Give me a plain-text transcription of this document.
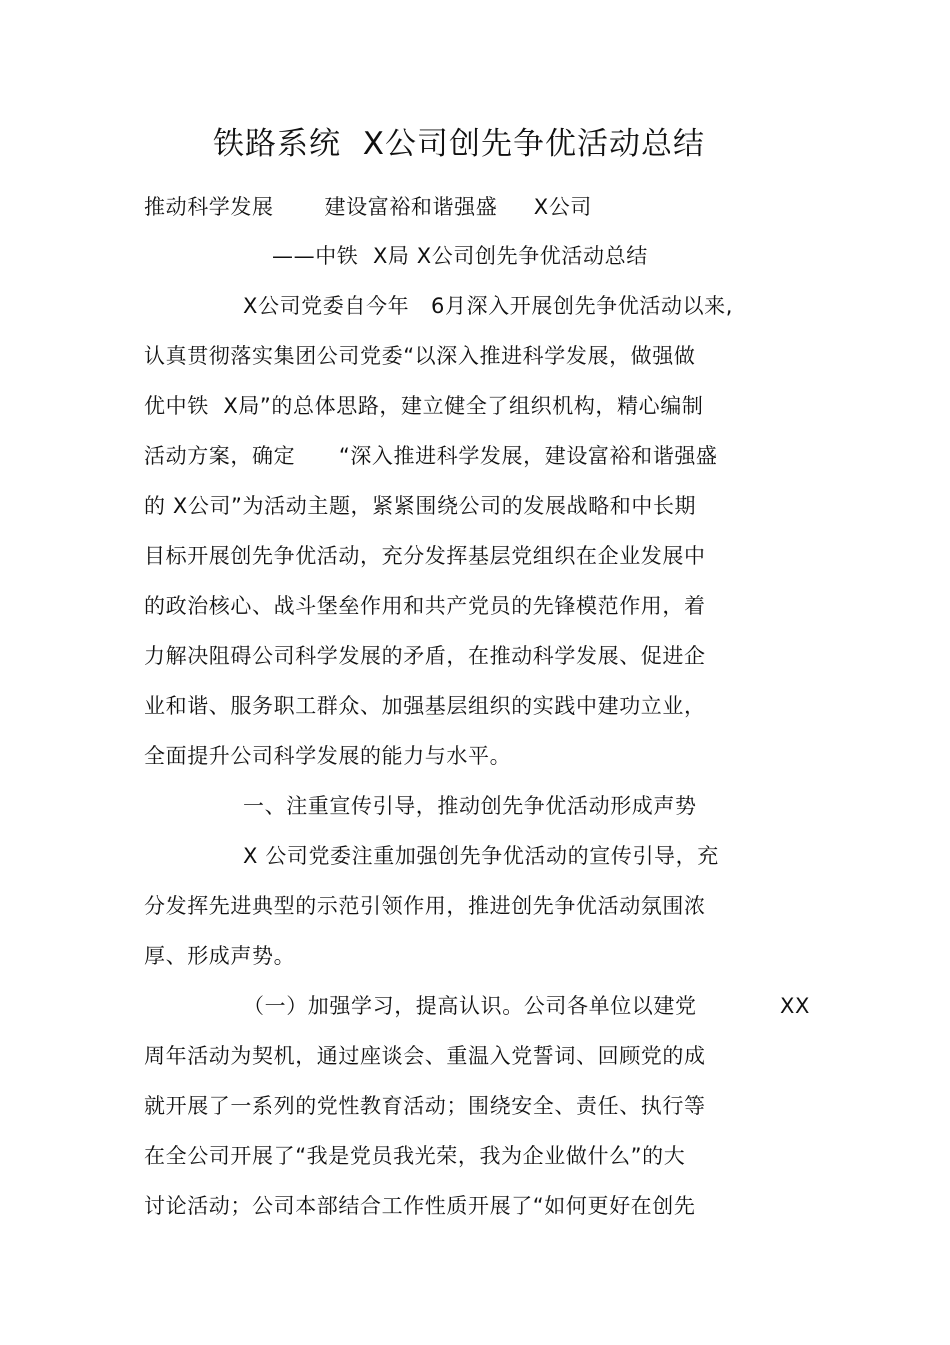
铁路系统  X公司创先争优活动总结
推动科学发展       建设富裕和谐强盛     X公司
——中铁  X局 X公司创先争优活动总结
X公司党委自今年   6月深入开展创先争优活动以来,
认真贯彻落实集团公司党委“以深入推进科学发展，做强做
优中铁  X局”的总体思路，建立健全了组织机构，精心编制
活动方案，确定      “深入推进科学发展，建设富裕和谐强盛
的 X公司”为活动主题，紧紧围绕公司的发展战略和中长期
目标开展创先争优活动，充分发挥基层党组织在企业发展中
的政治核心、战斗堡垒作用和共产党员的先锋模范作用，着
力解决阻碍公司科学发展的矛盾，在推动科学发展、促进企
业和谐、服务职工群众、加强基层组织的实践中建功立业，
全面提升公司科学发展的能力与水平。
一、注重宣传引导，推动创先争优活动形成声势
X 公司党委注重加强创先争优活动的宣传引导，充
分发挥先进典型的示范引领作用，推进创先争优活动氛围浓
厚、形成声势。
（一）加强学习，提高认识。公司各单位以建党	XX
周年活动为契机，通过座谈会、重温入党誓词、回顾党的成
就开展了一系列的党性教育活动；围绕安全、责任、执行等
在全公司开展了“我是党员我光荣，我为企业做什么”的大
讨论活动；公司本部结合工作性质开展了“如何更好在创先
